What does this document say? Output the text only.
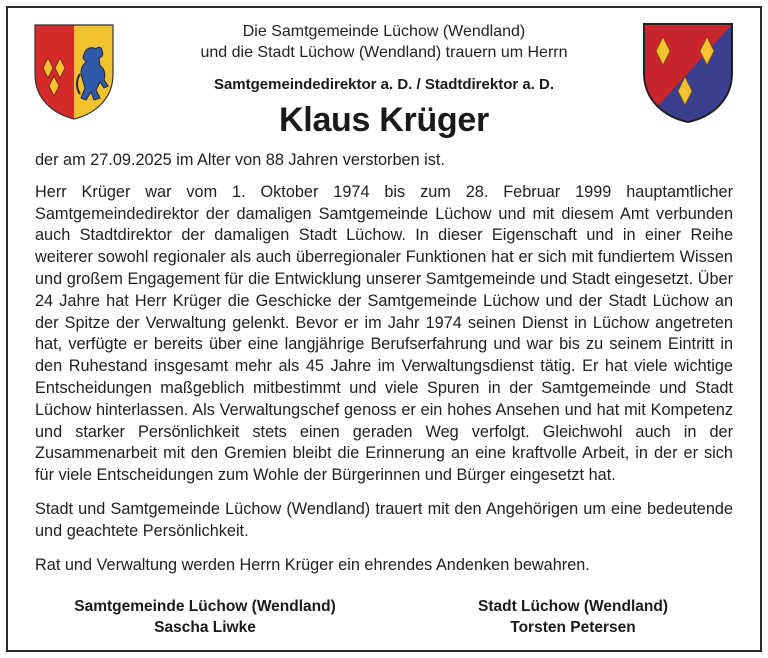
Die Samtgemeinde Lüchow (Wendland)
und die Stadt Lüchow (Wendland) trauern um Herrn
Samtgemeindedirektor a. D. / Stadtdirektor a. D.
Klaus Krüger

der am 27.09.2025 im Alter von 88 Jahren verstorben ist.

Herr Krüger war vom 1. Oktober 1974 bis zum 28. Februar 1999 hauptamtlicher Samtgemeindedirektor der damaligen Samtgemeinde Lüchow und mit diesem Amt verbunden auch Stadtdirektor der damaligen Stadt Lüchow. In dieser Eigenschaft und in einer Reihe weiterer sowohl regionaler als auch überregionaler Funktionen hat er sich mit fundiertem Wissen und großem Engagement für die Entwicklung unserer Samtgemeinde und Stadt eingesetzt. Über 24 Jahre hat Herr Krüger die Geschicke der Samtgemeinde Lüchow und der Stadt Lüchow an der Spitze der Verwaltung gelenkt. Bevor er im Jahr 1974 seinen Dienst in Lüchow angetreten hat, verfügte er bereits über eine langjährige Berufserfahrung und war bis zu seinem Eintritt in den Ruhestand insgesamt mehr als 45 Jahre im Verwaltungsdienst tätig. Er hat viele wichtige Entscheidungen maßgeblich mitbestimmt und viele Spuren in der Samtgemeinde und Stadt Lüchow hinterlassen. Als Verwaltungschef genoss er ein hohes Ansehen und hat mit Kompetenz und starker Persönlichkeit stets einen geraden Weg verfolgt. Gleichwohl auch in der Zusammenarbeit mit den Gremien bleibt die Erinnerung an eine kraftvolle Arbeit, in der er sich für viele Entscheidungen zum Wohle der Bürgerinnen und Bürger eingesetzt hat.

Stadt und Samtgemeinde Lüchow (Wendland) trauert mit den Angehörigen um eine bedeutende und geachtete Persönlichkeit.

Rat und Verwaltung werden Herrn Krüger ein ehrendes Andenken bewahren.

Samtgemeinde Lüchow (Wendland)
Sascha Liwke
Stadt Lüchow (Wendland)
Torsten Petersen
